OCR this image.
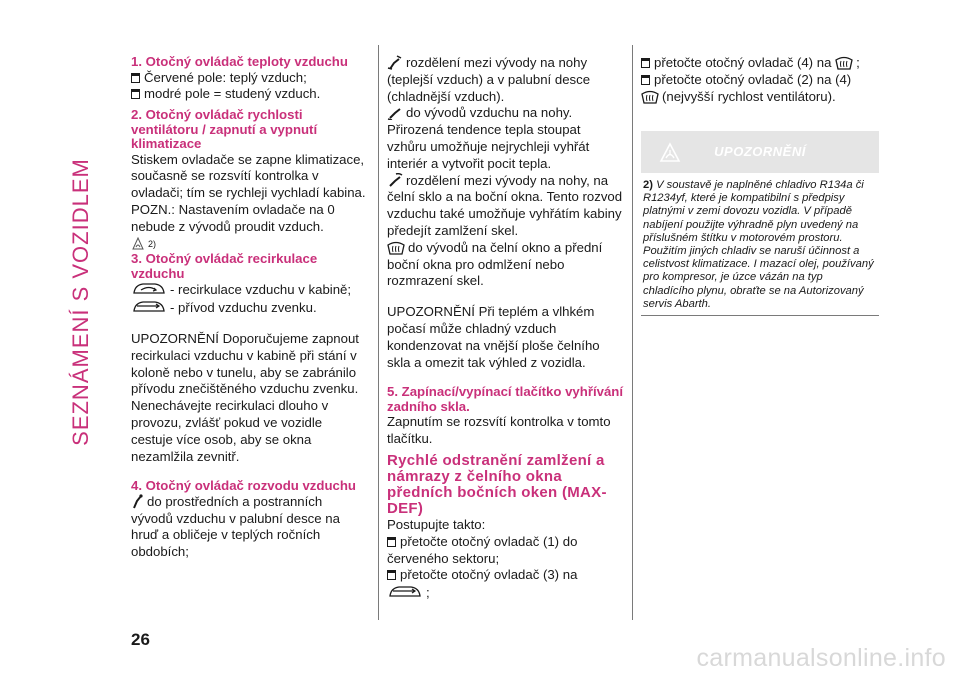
SEZNÁMENÍ S VOZIDLEM

1. Otočný ovládač teploty vzduchu

Červené pole: teplý vzduch;

modré pole = studený vzduch.

2. Otočný ovládač rychlosti ventilátoru / zapnutí a vypnutí klimatizace

Stiskem ovladače se zapne klimatizace, současně se rozsvítí kontrolka v ovladači; tím se rychleji vychladí kabina. POZN.: Nastavením ovladače na 0 nebude z vývodů proudit vzduch.

$^{2)}$

3. Otočný ovládač recirkulace vzduchu

- recirkulace vzduchu v kabině;

- přívod vzduchu zvenku.

UPOZORNĚNÍ Doporučujeme zapnout recirkulaci vzduchu v kabině při stání v koloně nebo v tunelu, aby se zabránilo přívodu znečištěného vzduchu zvenku. Nenechávejte recirkulaci dlouho v provozu, zvlášť pokud ve vozidle cestuje více osob, aby se okna nezamlžila zevnitř.

4. Otočný ovládač rozvodu vzduchu

do prostředních a postranních vývodů vzduchu v palubní desce na hruď a obličeje v teplých ročních obdobích;

rozdělení mezi vývody na nohy (teplejší vzduch) a v palubní desce (chladnější vzduch).

do vývodů vzduchu na nohy. Přirozená tendence tepla stoupat vzhůru umožňuje nejrychleji vyhřát interiér a vytvořit pocit tepla.

rozdělení mezi vývody na nohy, na čelní sklo a na boční okna. Tento rozvod vzduchu také umožňuje vyhřátím kabiny předejít zamlžení skel.

do vývodů na čelní okno a přední boční okna pro odmlžení nebo rozmrazení skel.

UPOZORNĚNÍ Při teplém a vlhkém počasí může chladný vzduch kondenzovat na vnější ploše čelního skla a omezit tak výhled z vozidla.

5. Zapínací/vypínací tlačítko vyhřívání zadního skla.

Zapnutím se rozsvítí kontrolka v tomto tlačítku.

Rychlé odstranění zamlžení a námrazy z čelního okna předních bočních oken (MAX-DEF)

Postupujte takto:

přetočte otočný ovladač (1) do červeného sektoru;

přetočte otočný ovladač (3) na
;

přetočte otočný ovladač (4) na ;

přetočte otočný ovladač (2) na (4)
(nejvyšší rychlost ventilátoru).

UPOZORNĚNÍ
2) V soustavě je naplněné chladivo R134a či R1234yf, které je kompatibilní s předpisy platnými v zemi dovozu vozidla. V případě nabíjení použijte výhradně plyn uvedený na příslušném štítku v motorovém prostoru. Použitím jiných chladiv se naruší účinnost a celistvost klimatizace. I mazací olej, používaný pro kompresor, je úzce vázán na typ chladícího plynu, obraťte se na Autorizovaný servis Abarth.
26
carmanualsonline.info
